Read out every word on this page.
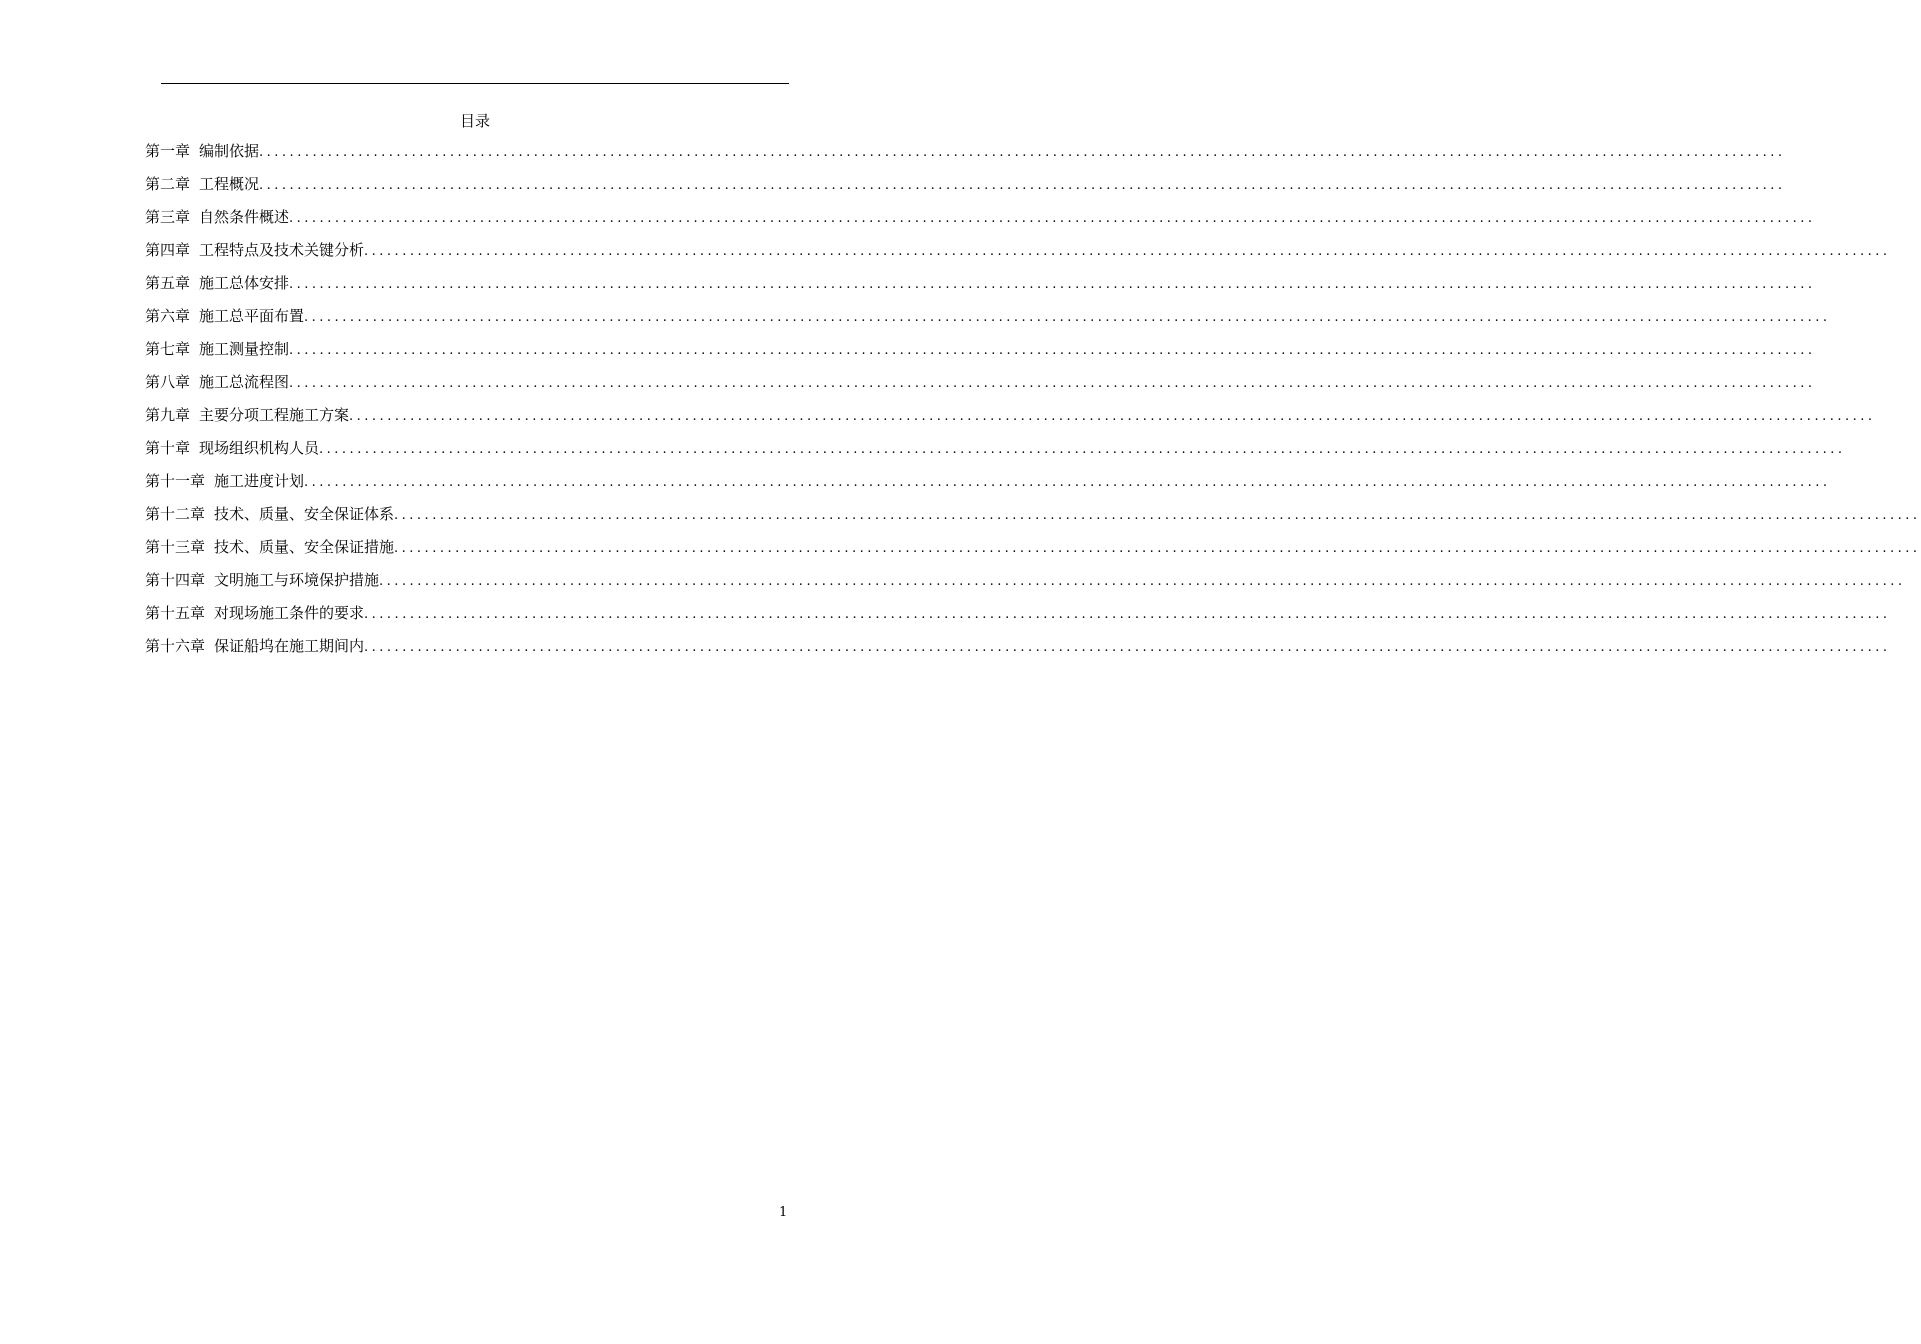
目录
第一章 编制依据 ........................................................................................................................................................................................................
第二章 工程概况 ........................................................................................................................................................................................................
第三章 自然条件概述 ........................................................................................................................................................................................................
第四章 工程特点及技术关键分析 ........................................................................................................................................................................................................
第五章 施工总体安排 ........................................................................................................................................................................................................
第六章 施工总平面布置 ........................................................................................................................................................................................................
第七章 施工测量控制 ........................................................................................................................................................................................................
第八章 施工总流程图 ........................................................................................................................................................................................................
第九章 主要分项工程施工方案 ........................................................................................................................................................................................................
第十章 现场组织机构人员 ........................................................................................................................................................................................................
第十一章 施工进度计划 ........................................................................................................................................................................................................
第十二章 技术、质量、安全保证体系 ........................................................................................................................................................................................................
第十三章 技术、质量、安全保证措施 ........................................................................................................................................................................................................
第十四章 文明施工与环境保护措施 ........................................................................................................................................................................................................
第十五章 对现场施工条件的要求 ........................................................................................................................................................................................................
第十六章 保证船坞在施工期间内 ........................................................................................................................................................................................................
1
